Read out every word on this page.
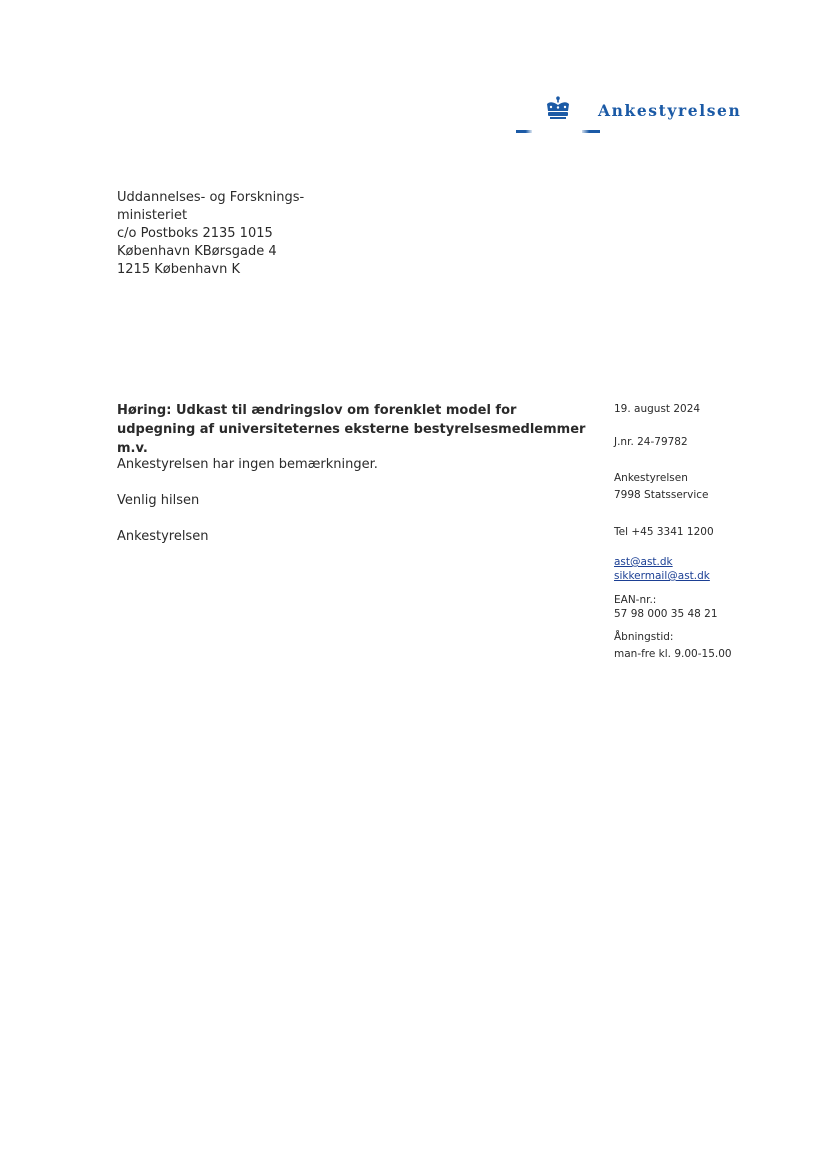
Ankestyrelsen
Uddannelses- og Forsknings-
ministeriet
c/o Postboks 2135 1015
København KBørsgade 4
1215 København K
Høring: Udkast til ændringslov om forenklet model for udpegning af universiteternes eksterne bestyrelsesmedlemmer m.v.
Ankestyrelsen har ingen bemærkninger.
Venlig hilsen
Ankestyrelsen
19. august 2024
J.nr. 24-79782
Ankestyrelsen
7998 Statsservice
Tel +45 3341 1200
ast@ast.dk
sikkermail@ast.dk
EAN-nr.:
57 98 000 35 48 21
Åbningstid:
man-fre kl. 9.00-15.00
